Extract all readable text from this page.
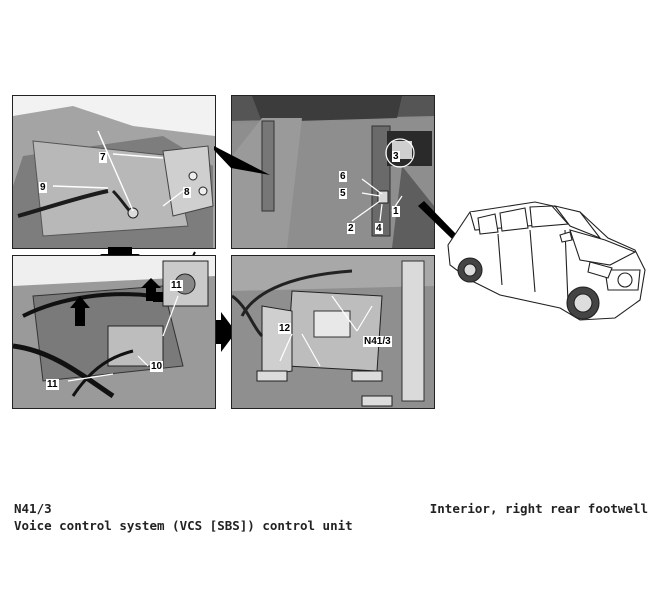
7
9	8
3
6
5
1
2 4
11
10
11
12
N41/3
N41/3
Voice control system (VCS [SBS]) control unit
Interior, right rear footwell
